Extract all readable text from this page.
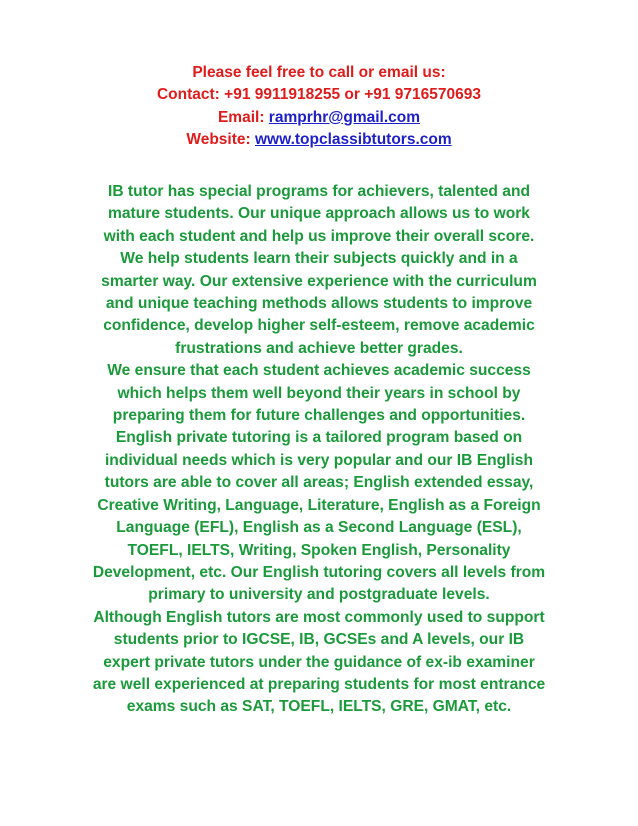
Please feel free to call or email us:
Contact: +91 9911918255 or +91 9716570693
Email: ramprhr@gmail.com
Website: www.topclassibtutors.com
IB tutor has special programs for achievers, talented and
mature students. Our unique approach allows us to work
with each student and help us improve their overall score.
We help students learn their subjects quickly and in a
smarter way. Our extensive experience with the curriculum
and unique teaching methods allows students to improve
confidence, develop higher self-esteem, remove academic
frustrations and achieve better grades.
We ensure that each student achieves academic success
which helps them well beyond their years in school by
preparing them for future challenges and opportunities.
English private tutoring is a tailored program based on
individual needs which is very popular and our IB English
tutors are able to cover all areas; English extended essay,
Creative Writing, Language, Literature, English as a Foreign
Language (EFL), English as a Second Language (ESL),
TOEFL, IELTS, Writing, Spoken English, Personality
Development, etc. Our English tutoring covers all levels from
primary to university and postgraduate levels.
Although English tutors are most commonly used to support
students prior to IGCSE, IB, GCSEs and A levels, our IB
expert private tutors under the guidance of ex-ib examiner
are well experienced at preparing students for most entrance
exams such as SAT, TOEFL, IELTS, GRE, GMAT, etc.
